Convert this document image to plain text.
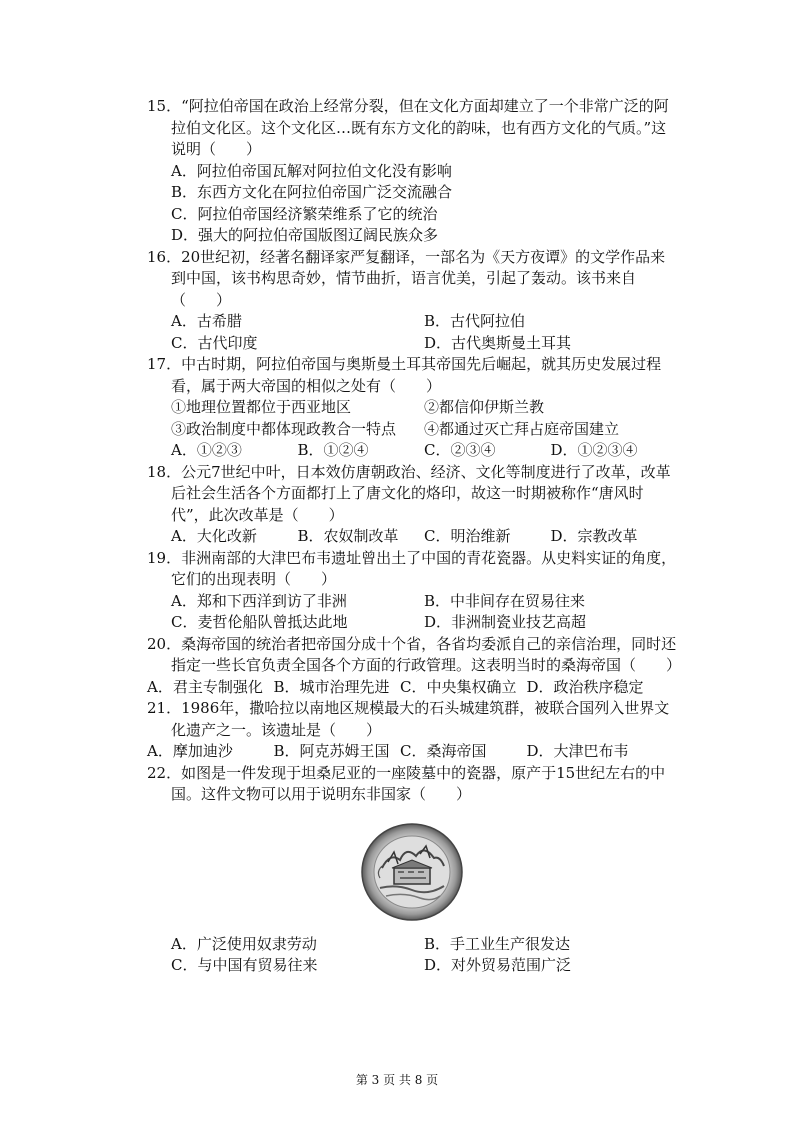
15．“阿拉伯帝国在政治上经常分裂，但在文化方面却建立了一个非常广泛的阿拉伯文化区。这个文化区…既有东方文化的韵味，也有西方文化的气质。”这说明（　　）
A．阿拉伯帝国瓦解对阿拉伯文化没有影响
B．东西方文化在阿拉伯帝国广泛交流融合
C．阿拉伯帝国经济繁荣维系了它的统治
D．强大的阿拉伯帝国版图辽阔民族众多
16．20世纪初，经著名翻译家严复翻译，一部名为《天方夜谭》的文学作品来到中国，该书构思奇妙，情节曲折，语言优美，引起了轰动。该书来自（　　）
A．古希腊	B．古代阿拉伯
C．古代印度	D．古代奥斯曼土耳其
17．中古时期，阿拉伯帝国与奥斯曼土耳其帝国先后崛起，就其历史发展过程看，属于两大帝国的相似之处有（　　）
①地理位置都位于西亚地区	②都信仰伊斯兰教
③政治制度中都体现政教合一特点	④都通过灭亡拜占庭帝国建立
A．①②③	B．①②④	C．②③④	D．①②③④
18．公元7世纪中叶，日本效仿唐朝政治、经济、文化等制度进行了改革，改革后社会生活各个方面都打上了唐文化的烙印，故这一时期被称作“唐风时代”，此次改革是（　　）
A．大化改新	B．农奴制改革	C．明治维新	D．宗教改革
19．非洲南部的大津巴布韦遗址曾出土了中国的青花瓷器。从史料实证的角度，它们的出现表明（　　）
A．郑和下西洋到访了非洲	B．中非间存在贸易往来
C．麦哲伦船队曾抵达此地	D．非洲制瓷业技艺高超
20．桑海帝国的统治者把帝国分成十个省，各省均委派自己的亲信治理，同时还指定一些长官负责全国各个方面的行政管理。这表明当时的桑海帝国（　　）
A．君主专制强化 B．城市治理先进 C．中央集权确立 D．政治秩序稳定
21．1986年，撒哈拉以南地区规模最大的石头城建筑群，被联合国列入世界文化遗产之一。该遗址是（　　）
A．摩加迪沙	B．阿克苏姆王国 C．桑海帝国	D．大津巴布韦
22．如图是一件发现于坦桑尼亚的一座陵墓中的瓷器，原产于15世纪左右的中国。这件文物可以用于说明东非国家（　　）
A．广泛使用奴隶劳动	B．手工业生产很发达
C．与中国有贸易往来	D．对外贸易范围广泛
第 3 页 共 8 页
